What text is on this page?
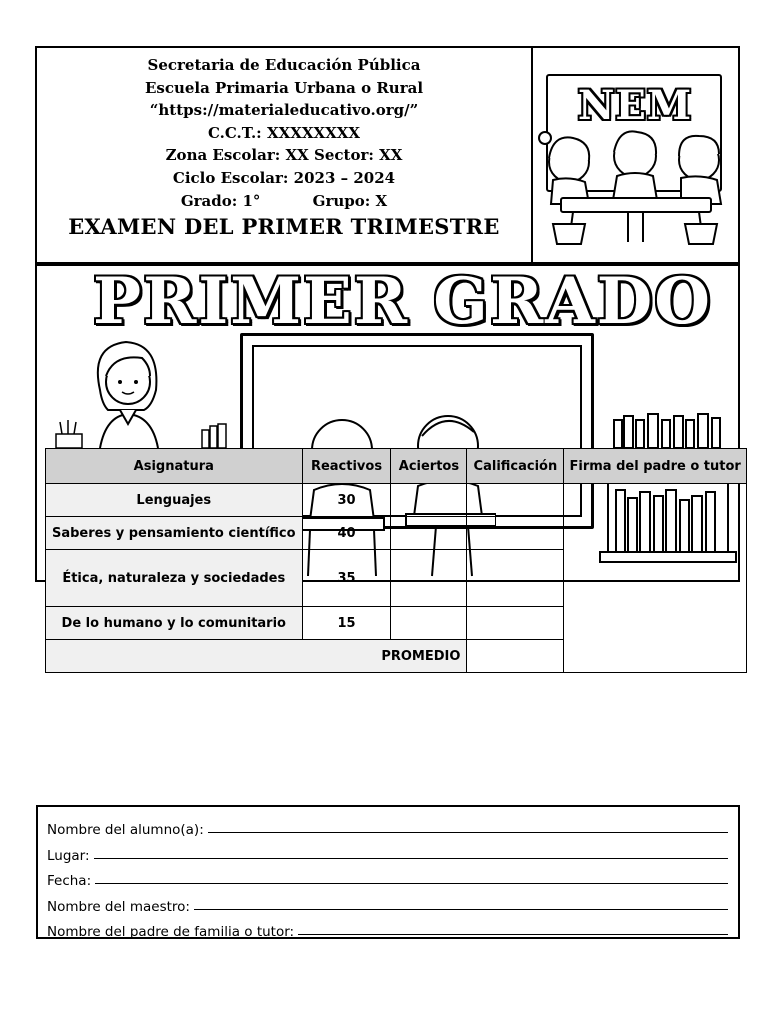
Secretaria de Educación Pública
Escuela Primaria Urbana o Rural
“https://materialeducativo.org/”
C.C.T.: XXXXXXXX
Zona Escolar: XX Sector: XX
Ciclo Escolar: 2023 – 2024
Grado: 1°          Grupo: X
EXAMEN DEL PRIMER TRIMESTRE
NEM
PRIMER GRADO
Asignatura	Reactivos	Aciertos	Calificación	Firma del padre o tutor
Lenguajes	30			
Saberes y pensamiento científico	40			
Ética, naturaleza y sociedades	35			
De lo humano y lo comunitario	15			
PROMEDIO				
Nombre del alumno(a):
Lugar:
Fecha:
Nombre del maestro:
Nombre del padre de familia o tutor:
